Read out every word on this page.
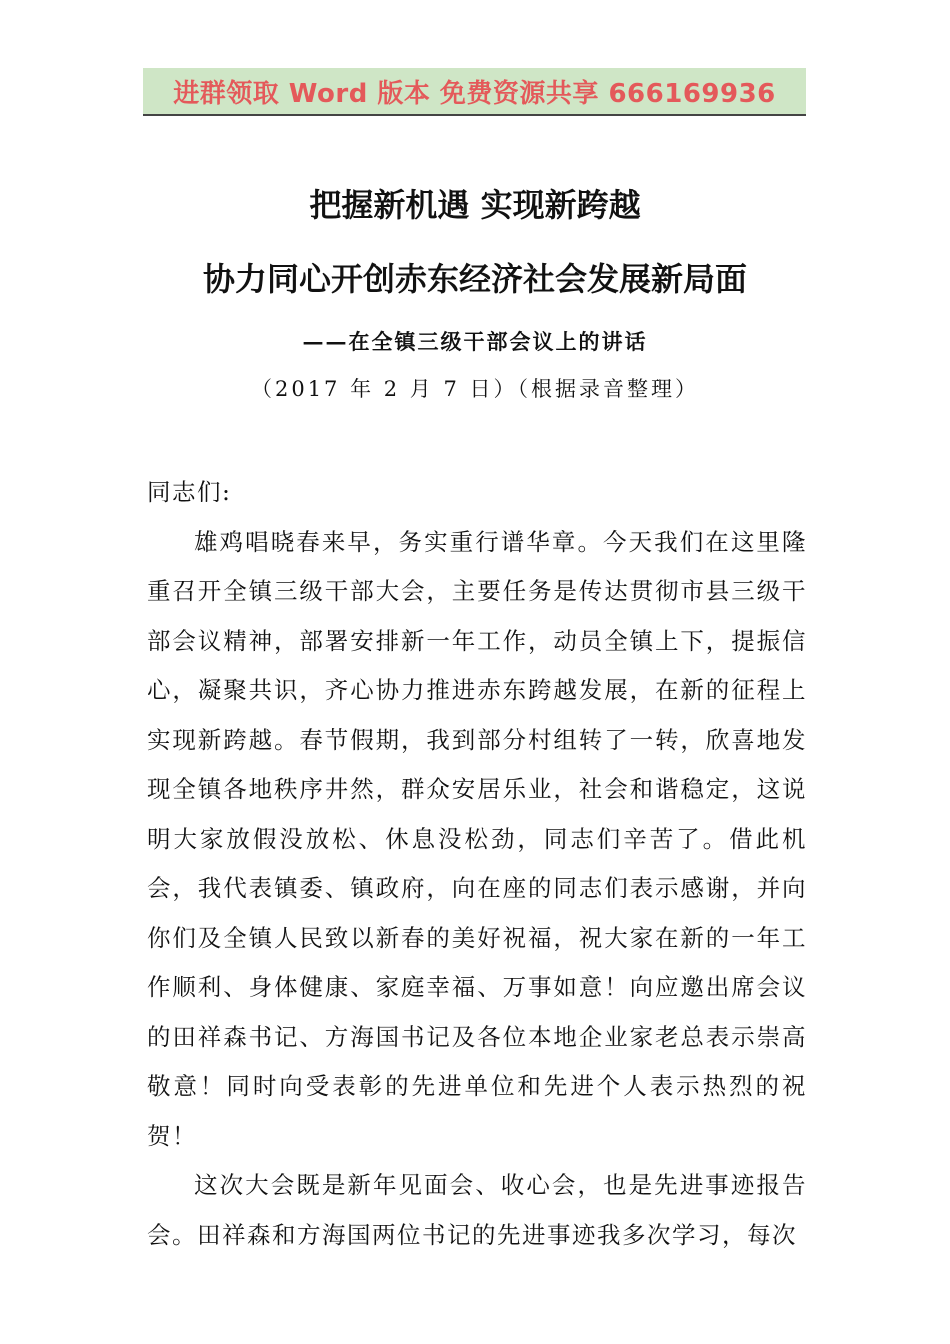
进群领取 Word 版本 免费资源共享 666169936
把握新机遇 实现新跨越
协力同心开创赤东经济社会发展新局面
——在全镇三级干部会议上的讲话
（2017 年 2 月 7 日）（根据录音整理）

同志们:

雄鸡唱晓春来早，务实重行谱华章。今天我们在这里隆重召开全镇三级干部大会，主要任务是传达贯彻市县三级干部会议精神，部署安排新一年工作，动员全镇上下，提振信心，凝聚共识，齐心协力推进赤东跨越发展，在新的征程上实现新跨越。春节假期，我到部分村组转了一转，欣喜地发现全镇各地秩序井然，群众安居乐业，社会和谐稳定，这说明大家放假没放松、休息没松劲，同志们辛苦了。借此机会，我代表镇委、镇政府，向在座的同志们表示感谢，并向你们及全镇人民致以新春的美好祝福，祝大家在新的一年工作顺利、身体健康、家庭幸福、万事如意！向应邀出席会议的田祥森书记、方海国书记及各位本地企业家老总表示崇高敬意！同时向受表彰的先进单位和先进个人表示热烈的祝贺！

这次大会既是新年见面会、收心会，也是先进事迹报告会。田祥森和方海国两位书记的先进事迹我多次学习，每次
